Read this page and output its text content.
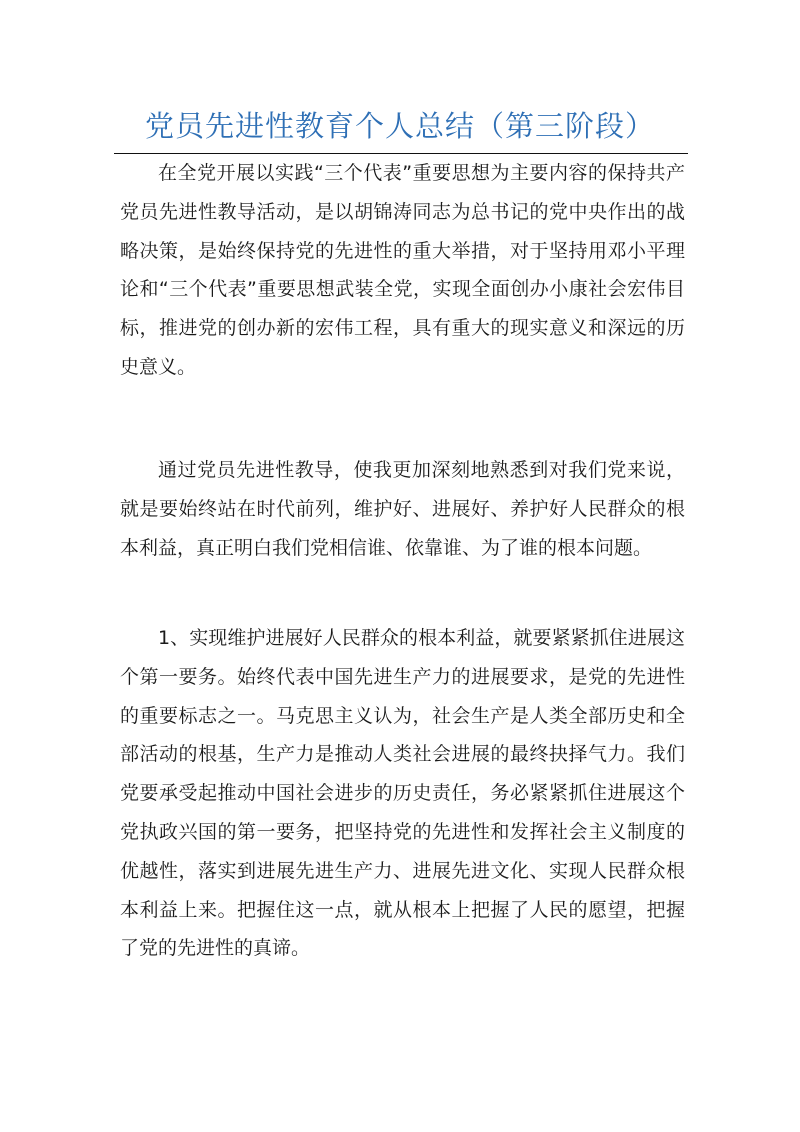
党员先进性教育个人总结（第三阶段）

在全党开展以实践“三个代表”重要思想为主要内容的保持共产党员先进性教导活动，是以胡锦涛同志为总书记的党中央作出的战略决策，是始终保持党的先进性的重大举措，对于坚持用邓小平理论和“三个代表”重要思想武装全党，实现全面创办小康社会宏伟目标，推进党的创办新的宏伟工程，具有重大的现实意义和深远的历史意义。

通过党员先进性教导，使我更加深刻地熟悉到对我们党来说，就是要始终站在时代前列，维护好、进展好、养护好人民群众的根本利益，真正明白我们党相信谁、依靠谁、为了谁的根本问题。

1、实现维护进展好人民群众的根本利益，就要紧紧抓住进展这个第一要务。始终代表中国先进生产力的进展要求，是党的先进性的重要标志之一。马克思主义认为，社会生产是人类全部历史和全部活动的根基，生产力是推动人类社会进展的最终抉择气力。我们党要承受起推动中国社会进步的历史责任，务必紧紧抓住进展这个党执政兴国的第一要务，把坚持党的先进性和发挥社会主义制度的优越性，落实到进展先进生产力、进展先进文化、实现人民群众根本利益上来。把握住这一点，就从根本上把握了人民的愿望，把握了党的先进性的真谛。
